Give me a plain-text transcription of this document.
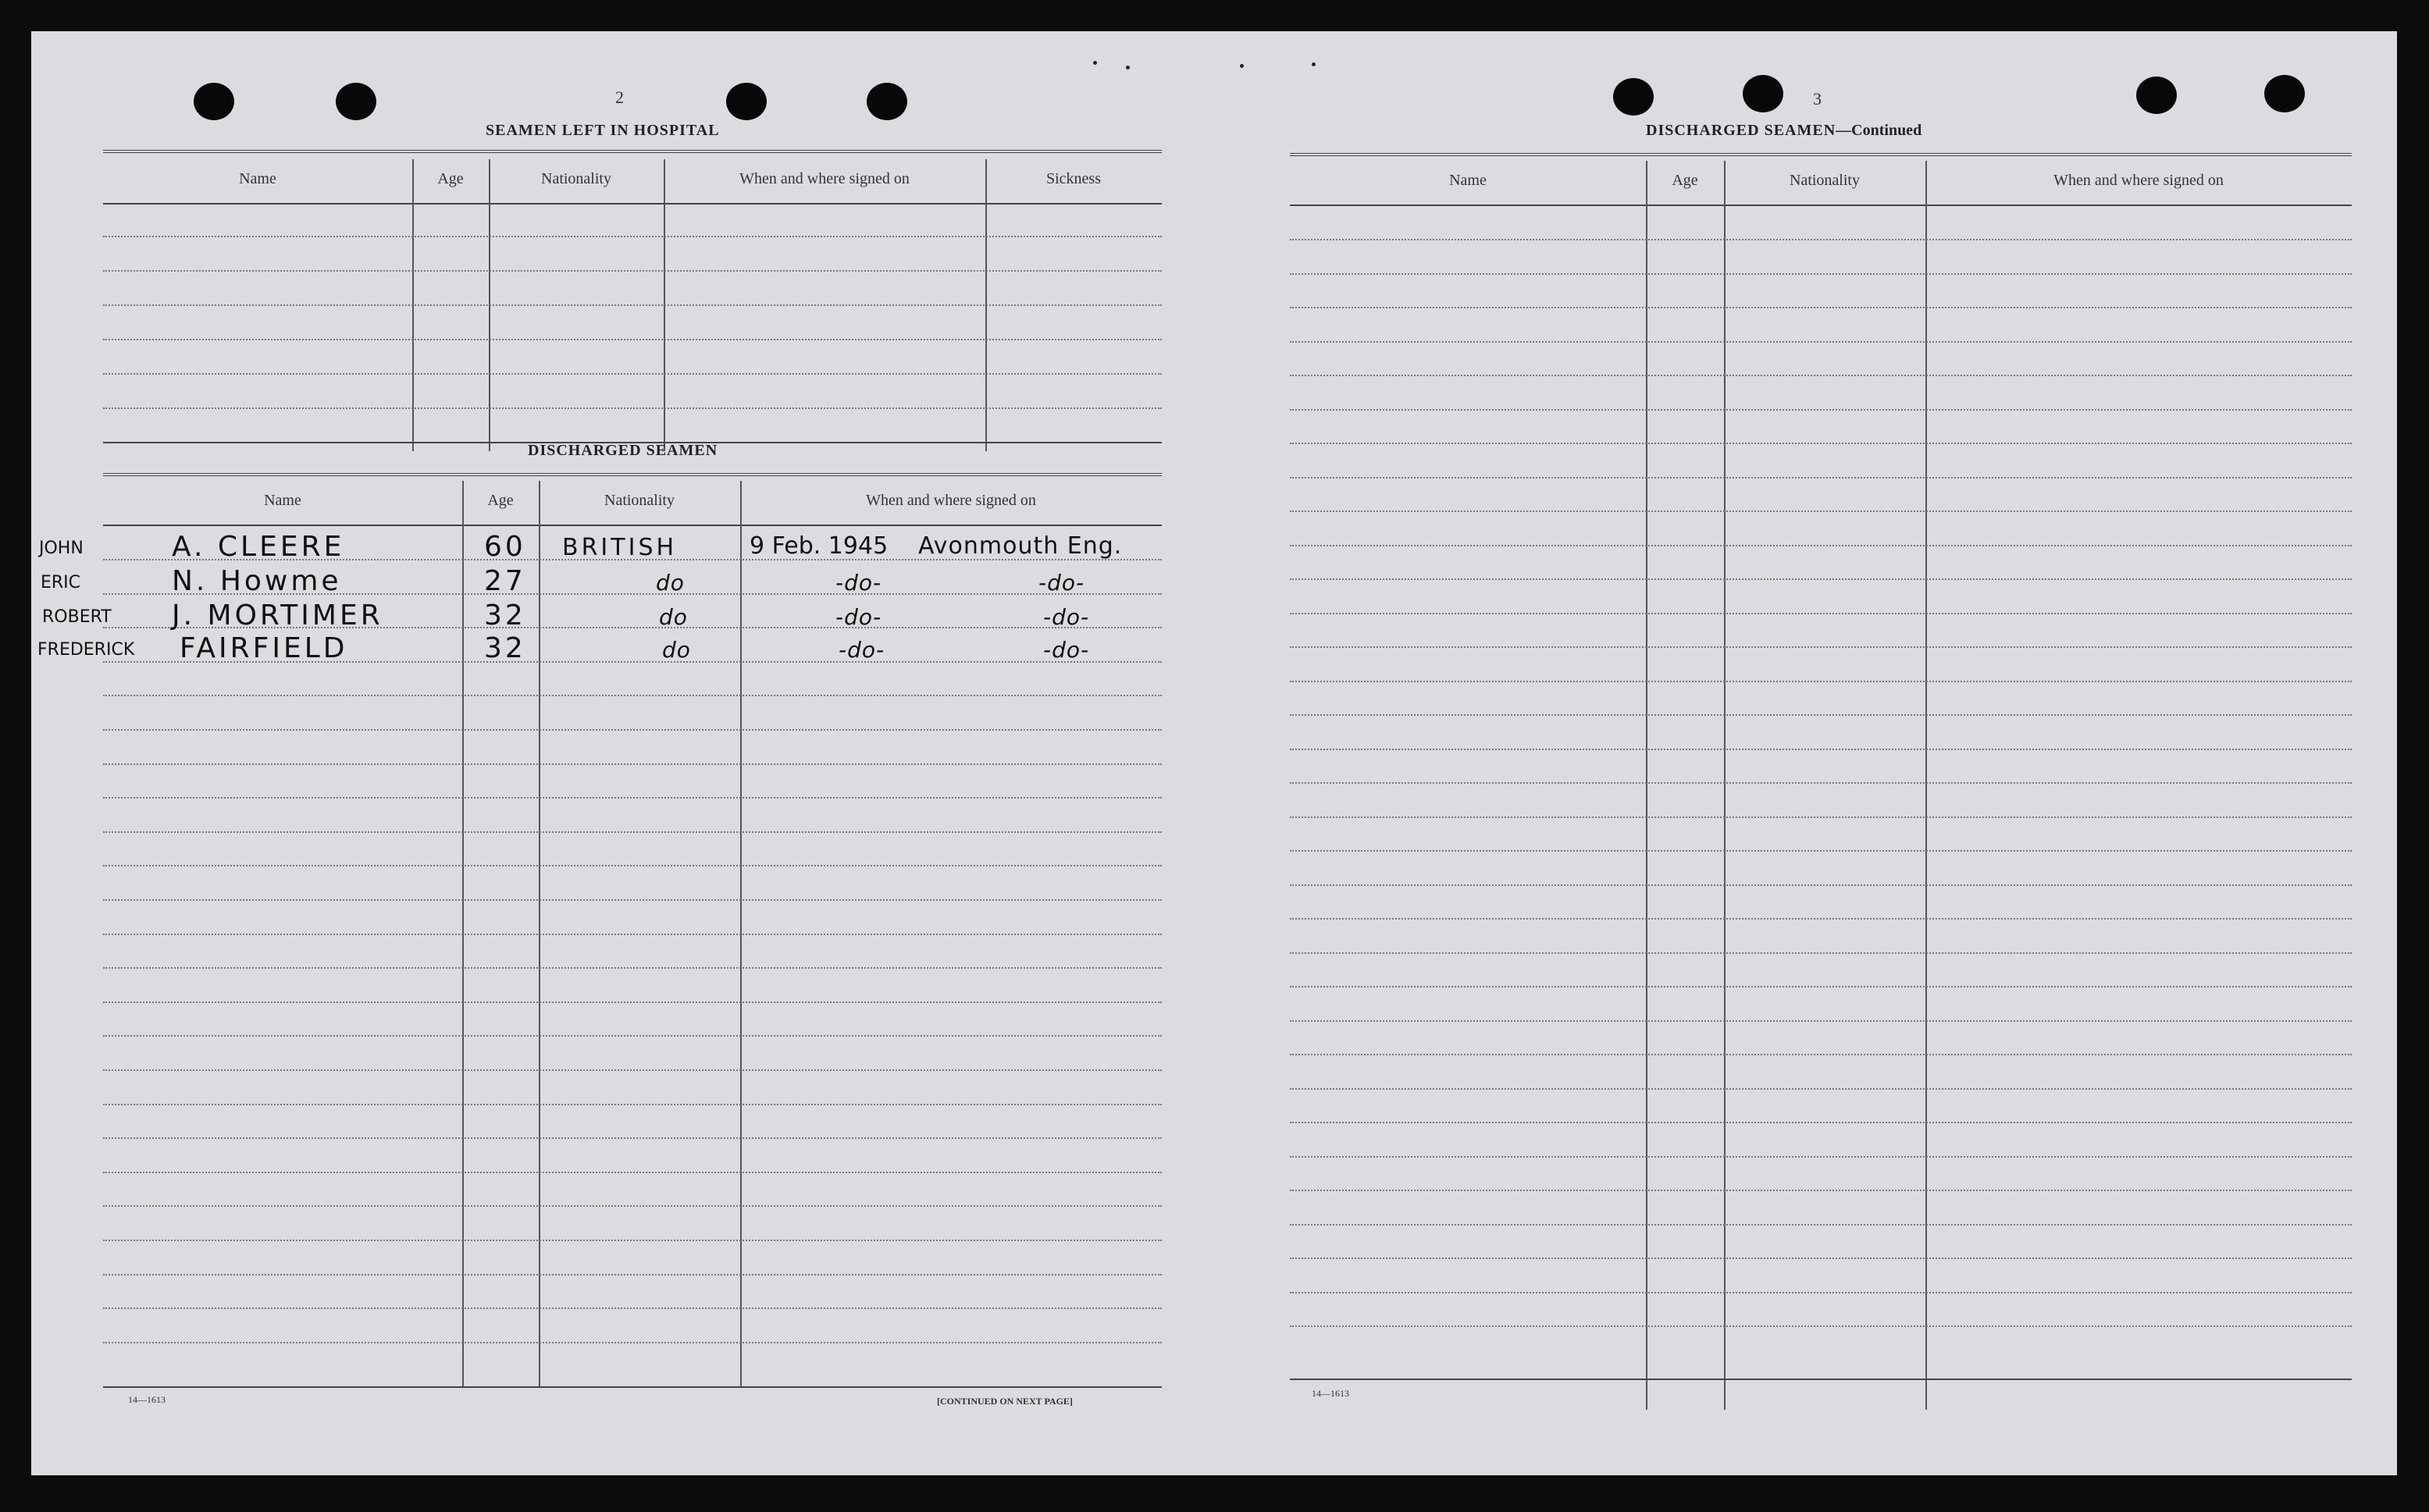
2
SEAMEN LEFT IN HOSPITAL
Name	Age	Nationality	When and where signed on	Sickness
DISCHARGED SEAMEN
Name	Age	Nationality	When and where signed on
JOHN	A. CLEERE	60 BRITISH	9 Feb. 1945 Avonmouth Eng.
ERIC	N. Howme	27	do	-do-	-do-
ROBERT J. MORTIMER	32	do	-do-	-do-
FREDERICK FAIRFIELD	32	do	-do-	-do-
14—1613	[CONTINUED ON NEXT PAGE]
3
DISCHARGED SEAMEN—Continued
Name	Age	Nationality	When and where signed on
14—1613
